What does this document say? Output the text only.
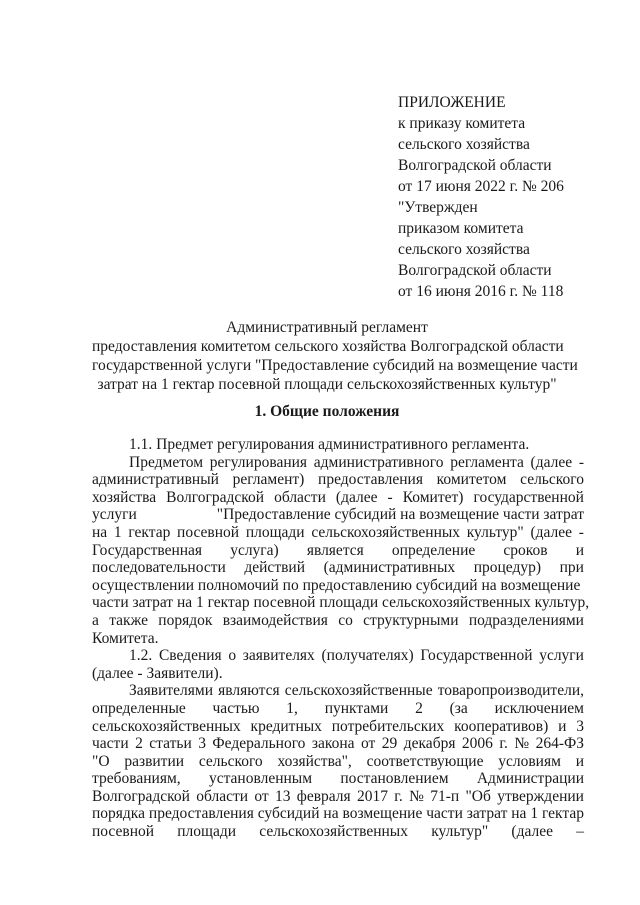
ПРИЛОЖЕНИЕ
к приказу комитета
сельского хозяйства
Волгоградской области
от 17 июня 2022 г. № 206
"Утвержден
приказом комитета
сельского хозяйства
Волгоградской области
от 16 июня 2016 г. № 118
Административный регламент
предоставления комитетом сельского хозяйства Волгоградской области
государственной услуги "Предоставление субсидий на возмещение части
затрат на 1 гектар посевной площади сельскохозяйственных культур"
1. Общие положения
1.1. Предмет регулирования административного регламента.
Предметом регулирования административного регламента (далее -
административный регламент) предоставления комитетом сельского
хозяйства Волгоградской области (далее - Комитет) государственной
услуги	"Предоставление субсидий на возмещение части затрат
на 1 гектар посевной площади сельскохозяйственных культур" (далее -
Государственная услуга) является определение сроков и
последовательности действий (административных процедур) при
осуществлении полномочий по предоставлению субсидий на возмещение
части затрат на 1 гектар посевной площади сельскохозяйственных культур,
а также порядок взаимодействия со структурными подразделениями
Комитета.
1.2. Сведения о заявителях (получателях) Государственной услуги
(далее - Заявители).
Заявителями являются сельскохозяйственные товаропроизводители,
определенные частью 1, пунктами 2 (за исключением
сельскохозяйственных кредитных потребительских кооперативов) и 3
части 2 статьи 3 Федерального закона от 29 декабря 2006 г. № 264-ФЗ
"О развитии сельского хозяйства", соответствующие условиям и
требованиям, установленным постановлением Администрации
Волгоградской области от 13 февраля 2017 г. № 71-п "Об утверждении
порядка предоставления субсидий на возмещение части затрат на 1 гектар
посевной площади сельскохозяйственных культур" (далее –
